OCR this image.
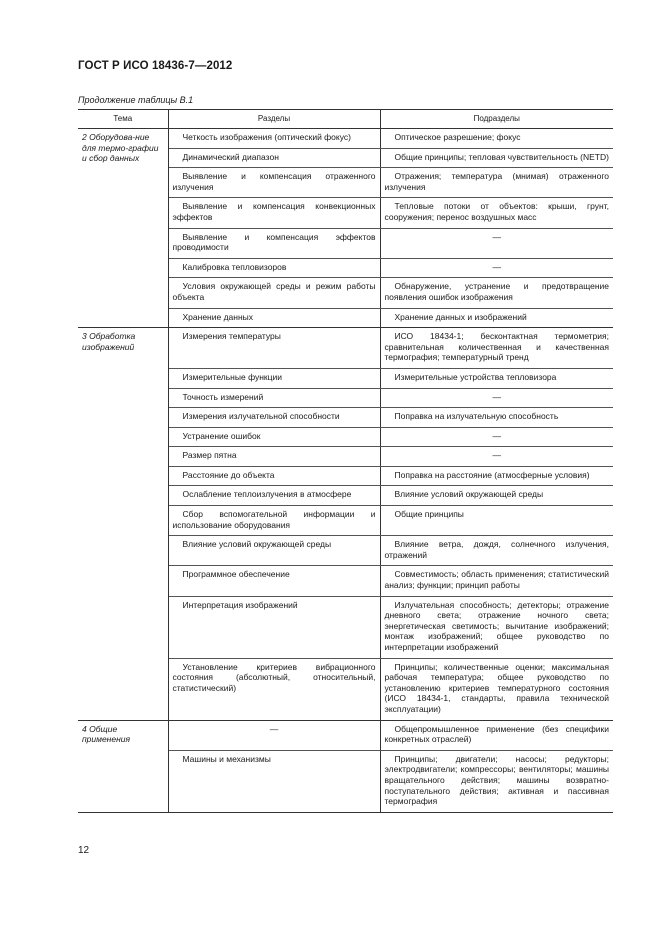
ГОСТ Р ИСО 18436-7—2012
Продолжение таблицы В.1
Тема	Разделы	Подразделы
2 Оборудова-ние для термо-графии и сбор данных	Четкость изображения (оптический фокус)	Оптическое разрешение; фокус

	Динамический диапазон	Общие принципы; тепловая чувствительность (NETD)

	Выявление и компенсация отраженного излучения	Отражения; температура (мнимая) отраженного излучения

	Выявление и компенсация конвекционных эффектов	Тепловые потоки от объектов: крыши, грунт, сооружения; перенос воздушных масс

	Выявление и компенсация эффектов проводимости	—

	Калибровка тепловизоров	—

	Условия окружающей среды и режим работы объекта	Обнаружение, устранение и предотвращение появления ошибок изображения

	Хранение данных	Хранение данных и изображений

3 Обработка изображений	Измерения температуры	ИСО 18434-1; бесконтактная термометрия; сравнительная количественная и качественная термография; температурный тренд

	Измерительные функции	Измерительные устройства тепловизора

	Точность измерений	—

	Измерения излучательной способности	Поправка на излучательную способность

	Устранение ошибок	—

	Размер пятна	—

	Расстояние до объекта	Поправка на расстояние (атмосферные условия)

	Ослабление теплоизлучения в атмосфере	Влияние условий окружающей среды

	Сбор вспомогательной информации и использование оборудования	Общие принципы

	Влияние условий окружающей среды	Влияние ветра, дождя, солнечного излучения, отражений

	Программное обеспечение	Совместимость; область применения; статистический анализ; функции; принцип работы

	Интерпретация изображений	Излучательная способность; детекторы; отражение дневного света; отражение ночного света; энергетическая светимость; вычитание изображений; монтаж изображений; общее руководство по интерпретации изображений

	Установление критериев вибрационного состояния (абсолютный, относительный, статистический)	Принципы; количественные оценки; максимальная рабочая температура; общее руководство по установлению критериев температурного состояния (ИСО 18434-1, стандарты, правила технической эксплуатации)

4 Общие применения	—	Общепромышленное применение (без специфики конкретных отраслей)

	Машины и механизмы	Принципы; двигатели; насосы; редукторы; электродвигатели; компрессоры; вентиляторы; машины вращательного действия; машины возвратно-поступательного действия; активная и пассивная термография
12
